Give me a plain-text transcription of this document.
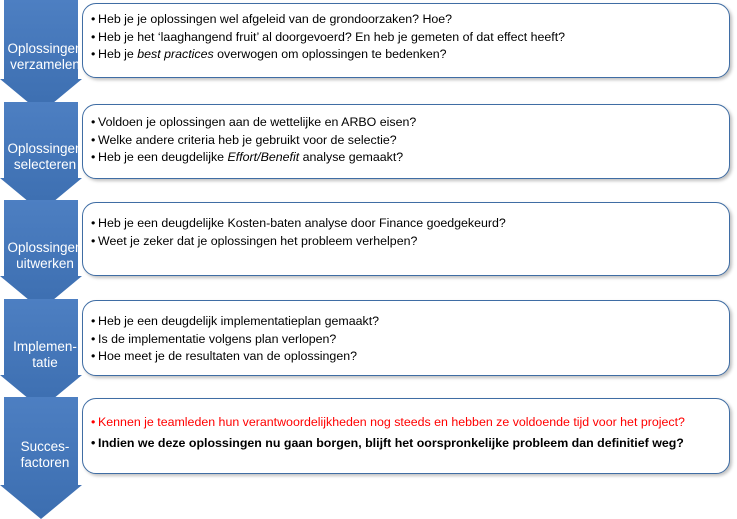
• Heb je je oplossingen wel afgeleid van de grondoorzaken? Hoe?
• Heb je het ‘laaghangend fruit’ al doorgevoerd? En heb je gemeten of dat effect heeft?
• Heb je best practices overwogen om oplossingen te bedenken?
Oplossingen
verzamelen
• Voldoen je oplossingen aan de wettelijke en ARBO eisen?
• Welke andere criteria heb je gebruikt voor de selectie?
• Heb je een deugdelijke Effort/Benefit analyse gemaakt?
Oplossingen
selecteren
• Heb je een deugdelijke Kosten-baten analyse door Finance goedgekeurd?
• Weet je zeker dat je oplossingen het probleem verhelpen?
Oplossingen
uitwerken
• Heb je een deugdelijk implementatieplan gemaakt?
• Is de implementatie volgens plan verlopen?
• Hoe meet je de resultaten van de oplossingen?
Implemen-
tatie
• Kennen je teamleden hun verantwoordelijkheden nog steeds en hebben ze voldoende tijd voor het project?
• Indien we deze oplossingen nu gaan borgen, blijft het oorspronkelijke probleem dan definitief weg?
Succes-
factoren
